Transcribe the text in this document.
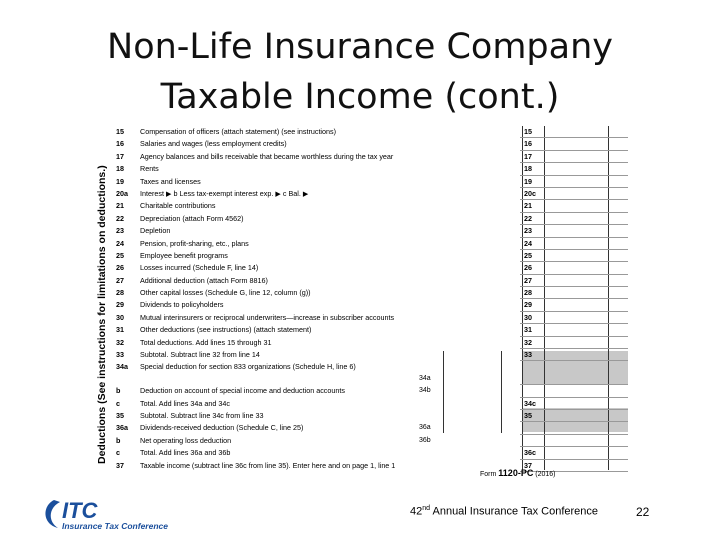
Non-Life Insurance Company
Taxable Income (cont.)
Deductions (See instructions for limitations on deductions.)
15	Compensation of officers (attach statement) (see instructions)	15
16	Salaries and wages (less employment credits)	16
17	Agency balances and bills receivable that became worthless during the tax year	17
18	Rents	18
19	Taxes and licenses	19
20a	Interest ▶ b Less tax-exempt interest exp. ▶ c Bal. ▶	20c
21	Charitable contributions	21
22	Depreciation (attach Form 4562)	22
23	Depletion	23
24	Pension, profit-sharing, etc., plans	24
25	Employee benefit programs	25
26	Losses incurred (Schedule F, line 14)	26
27	Additional deduction (attach Form 8816)	27
28	Other capital losses (Schedule G, line 12, column (g))	28
29	Dividends to policyholders	29
30	Mutual interinsurers or reciprocal underwriters—increase in subscriber accounts	30
31	Other deductions (see instructions) (attach statement)	31
32	Total deductions. Add lines 15 through 31	32
33	Subtotal. Subtract line 32 from line 14	33
34a	Special deduction for section 833 organizations (Schedule H, line 6)
34a
b	Deduction on account of special income and deduction accounts	34b
c	Total. Add lines 34a and 34c	34c
35	Subtotal. Subtract line 34c from line 33	35
36a	Dividends-received deduction (Schedule C, line 25)	36a
b	Net operating loss deduction	36b
c	Total. Add lines 36a and 36b	36c
37	Taxable income (subtract line 36c from line 35). Enter here and on page 1, line 1	37
Form 1120-PC (2016)
ITC
Insurance Tax Conference
42nd Annual Insurance Tax Conference	22
